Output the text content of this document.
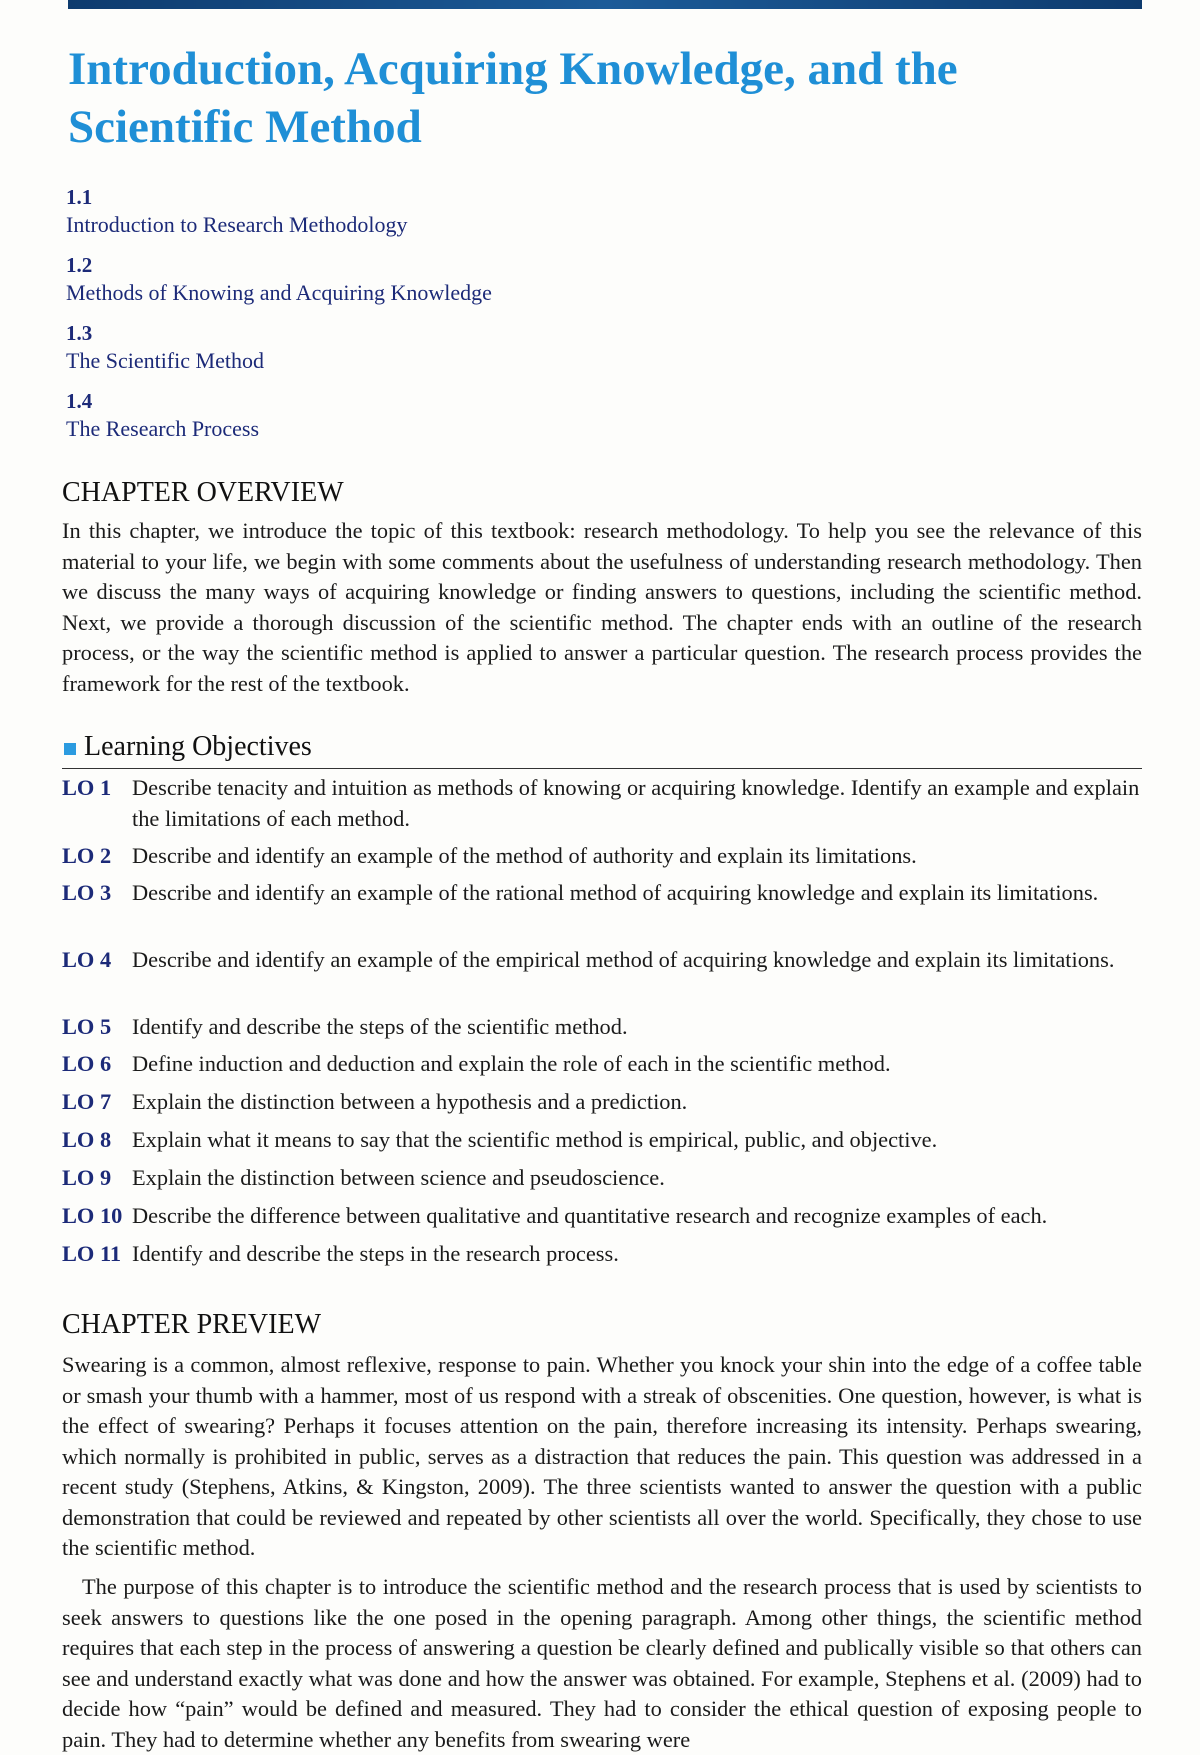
Introduction, Acquiring Knowledge, and the Scientific Method
1.1
Introduction to Research Methodology
1.2
Methods of Knowing and Acquiring Knowledge
1.3
The Scientific Method
1.4
The Research Process
CHAPTER OVERVIEW

In this chapter, we introduce the topic of this textbook: research methodology. To help you see the relevance of this material to your life, we begin with some comments about the usefulness of understanding research methodology. Then we discuss the many ways of acquiring knowledge or finding answers to questions, including the scientific method. Next, we provide a thorough discussion of the scientific method. The chapter ends with an outline of the research process, or the way the scientific method is applied to answer a particular question. The research process provides the framework for the rest of the textbook.

Learning Objectives
LO 1 Describe tenacity and intuition as methods of knowing or acquiring knowledge. Identify an example and explain the limitations of each method.
LO 2 Describe and identify an example of the method of authority and explain its limitations.
LO 3 Describe and identify an example of the rational method of acquiring knowledge and explain its limitations.
LO 4 Describe and identify an example of the empirical method of acquiring knowledge and explain its limitations.
LO 5 Identify and describe the steps of the scientific method.
LO 6 Define induction and deduction and explain the role of each in the scientific method.
LO 7 Explain the distinction between a hypothesis and a prediction.
LO 8 Explain what it means to say that the scientific method is empirical, public, and objective.
LO 9 Explain the distinction between science and pseudoscience.
LO 10 Describe the difference between qualitative and quantitative research and recognize examples of each.
LO 11 Identify and describe the steps in the research process.
CHAPTER PREVIEW

Swearing is a common, almost reflexive, response to pain. Whether you knock your shin into the edge of a coffee table or smash your thumb with a hammer, most of us respond with a streak of obscenities. One question, however, is what is the effect of swearing? Perhaps it focuses attention on the pain, therefore increasing its intensity. Perhaps swearing, which normally is prohibited in public, serves as a distraction that reduces the pain. This question was addressed in a recent study (Stephens, Atkins, & Kingston, 2009). The three scientists wanted to answer the question with a public demonstration that could be reviewed and repeated by other scientists all over the world. Specifically, they chose to use the scientific method.

The purpose of this chapter is to introduce the scientific method and the research process that is used by scientists to seek answers to questions like the one posed in the opening paragraph. Among other things, the scientific method requires that each step in the process of answering a question be clearly defined and publically visible so that others can see and understand exactly what was done and how the answer was obtained. For example, Stephens et al. (2009) had to decide how “pain” would be defined and measured. They had to consider the ethical question of exposing people to pain. They had to determine whether any benefits from swearing were
